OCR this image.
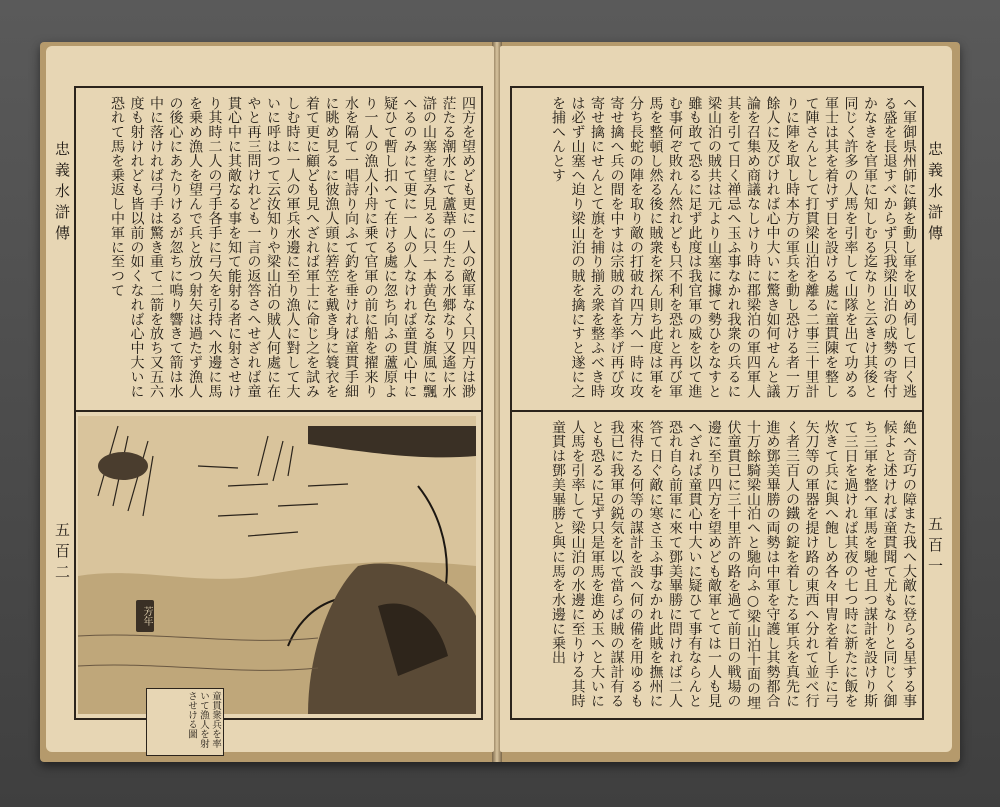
忠義水滸傳
五百二
四方を望めども更に一人の敵軍なく只四方は渺茫たる潮水にて蘆葦の生たる水郷なり又遙に水滸の山塞を望み見るに只一本黄色なる旗風に飄へるのみにて更に一人の人なければ童貫心中に疑ひて暫し扣へて在ける處に忽ち向ふの蘆原より一人の漁人小舟に乗て官軍の前に船を擢来り水を隔て一唱詩り向ふて釣を垂ければ童貫手細に眺め見るに彼漁人頭に箬笠を戴き身に簑衣を着て更に顧ども見へざれば軍士に命じ之を試みしむ時に一人の軍兵水邊に至り漁人に對して大いに呼はつて云汝知りや梁山泊の賊人何處に在やと再三問けれども一言の返答さへせざれば童貫心中に其敵なる事を知て能射る者に射させけり其時二人の弓手各手に弓矢を引持へ水邊に馬を乗め漁人を望んで兵と放つ射矢は過たず漁人の後心にあたりけるが忽ちに鳴り響きて箭は水中に落ければ弓手は驚き重て二箭を放ち又五六度も射けれども皆以前の如くなれば心中大いに恐れて馬を乗返し中軍に至つて
芳年
童貫衆兵を率いて漁人を射させける圖
忠義水滸傳
五百一
ヘ軍御県州師に鎮を動し軍を収め伺して曰く逃る盛を長退すべからず只我梁山泊の成勢の寄付かなきを官軍に知しむる迄なりと云きけ其後と同じく許多の人馬を引率して山隊を出て功める軍士は其を着けず日を設ける處に童貫陳を整して陣さんとして打貫梁山泊を離る二事三十里計りに陣を取し時本方の軍兵を動し恐ける者一万餘人に及びければ心中大いに驚き如何せんと議論を召集め商議なしけり時に郡梁泊の軍四軍人其を引て日く禅忌へ玉ふ事なかれ我衆の兵るに梁山泊の賊共は元より山塞に據て勢ひをなすと雖も敢て恐るに足ず此度は我官軍の威を以て進む事何ぞ敗れん然れども只不利を恐れと再び軍馬を整頓し然る後に賊衆を探ん則ち此度は軍を分ち長蛇の陣を取り敵の打破れ四方へ一時に攻寄せ擒へ兵の間を中すは宗賊の首を挙げ再び攻寄せ擒にせんとて旗を捕り揃え衆を整ふべき時は必ず山塞へ迫り梁山泊の賊を擒にすと遂に之を捕へんとす
絶へ奇巧の障また我へ大敵に登らる星する事候よと述ければ童貫聞て尤もなりと同じく御ち三軍を整へ軍馬を馳せ且つ謀計を設けり斯て三日を過ければ其夜の七つ時に新たに飯を炊きて兵に與へ飽しめ各々甲冑を着し手に弓矢刀等の軍器を提け路の東西へ分れて並べ行く者三百人の鐵の錠を着したる軍兵を真先に進め鄧美畢勝の両勢は中軍を守護し其勢都合十万餘騎梁山泊へと馳向ふ○梁山泊十面の埋伏童貫已に三十里許の路を過て前日の戦場の邊に至り四方を望めども敵軍とては一人も見へざれば童貫心中大いに疑ひて事有ならんと恐れ自ら前軍に來て鄧美畢勝に問ければ二人答て日ぐ敵に寒さ玉ふ事なかれ此賊を撫州に來得たる何等の謀計を設へ何の備を用ゆるも我已に我軍の鋭気を以て當らば賊の謀計有るとも恐るに足ず只是軍馬を進め玉へと大いに人馬を引率して梁山泊の水邊に至りける其時童貫は鄧美畢勝と與に馬を水邊に乗出
